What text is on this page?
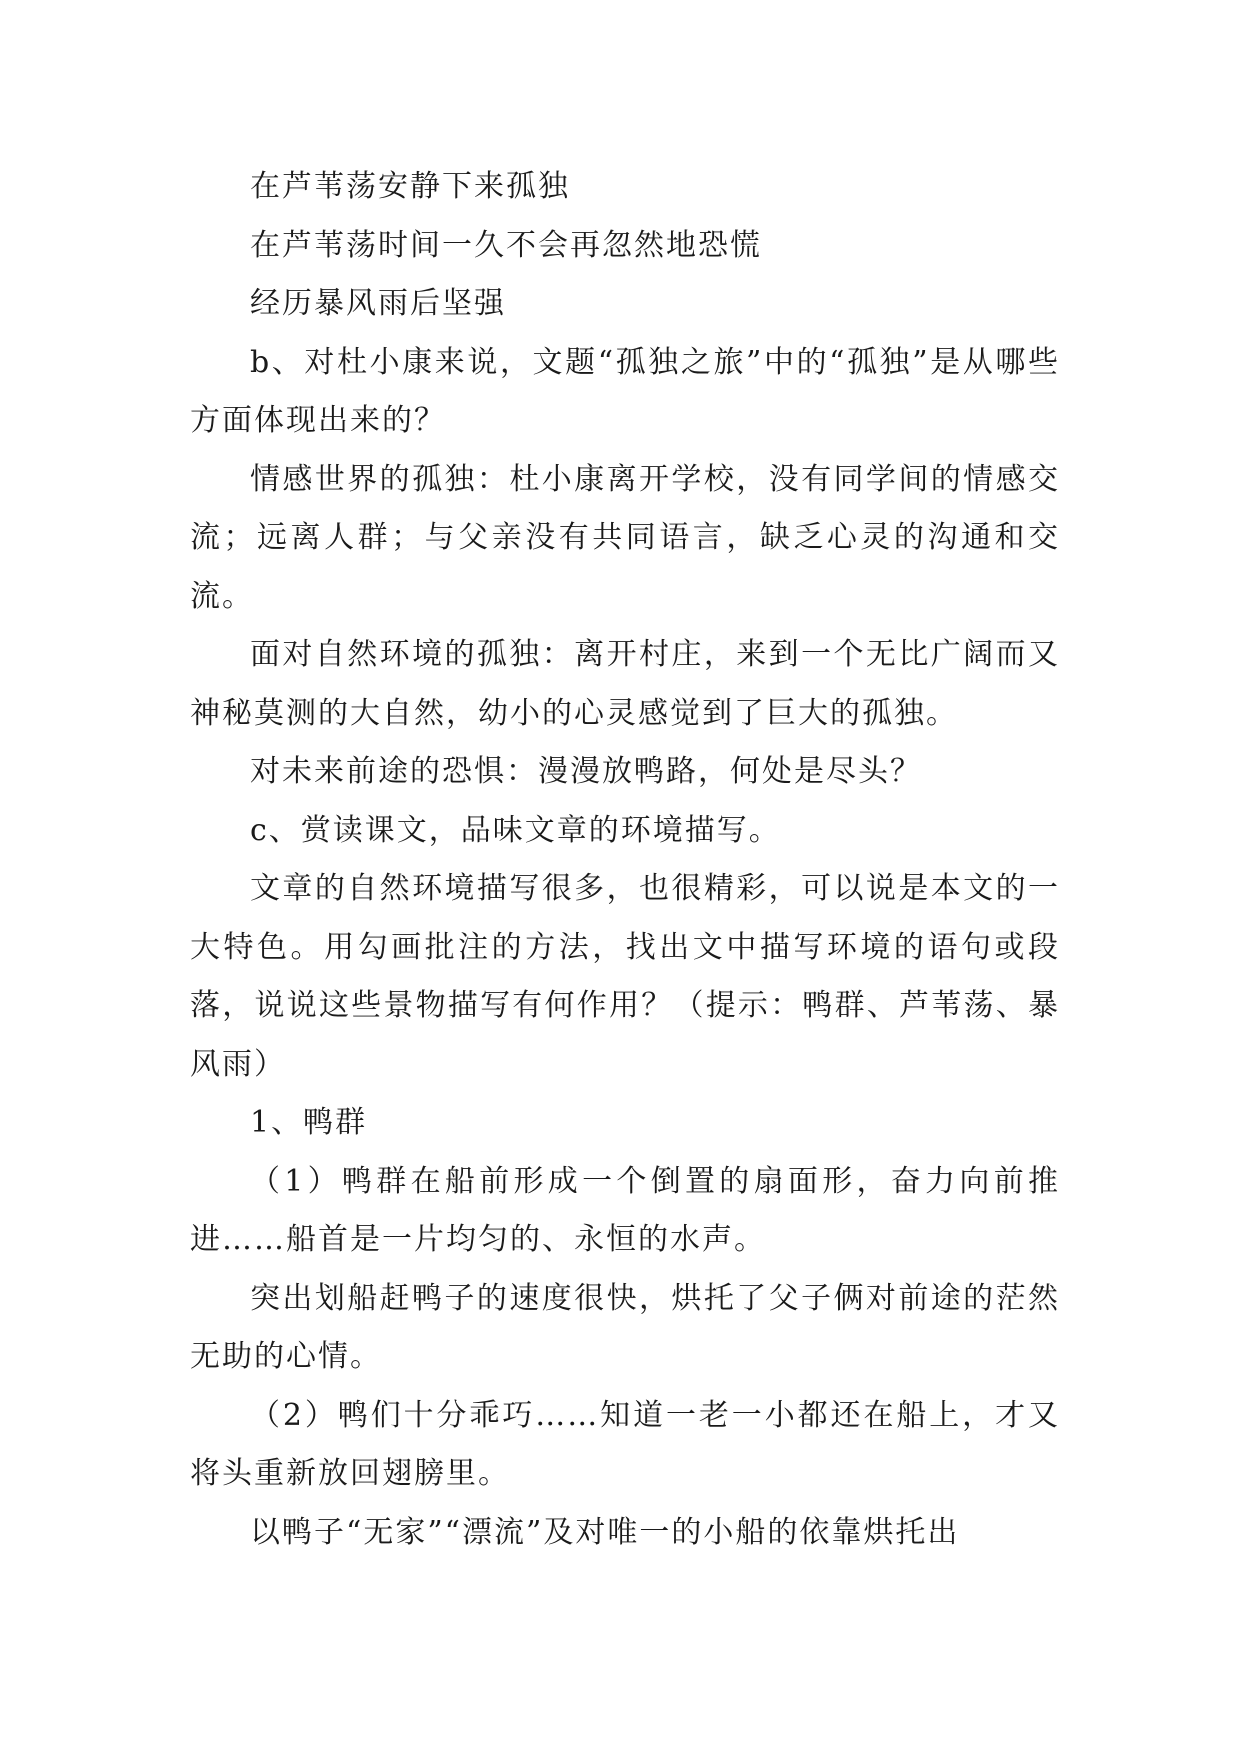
在芦苇荡安静下来孤独

在芦苇荡时间一久不会再忽然地恐慌

经历暴风雨后坚强

b、对杜小康来说，文题“孤独之旅”中的“孤独”是从哪些方面体现出来的？

情感世界的孤独：杜小康离开学校，没有同学间的情感交流；远离人群；与父亲没有共同语言，缺乏心灵的沟通和交流。

面对自然环境的孤独：离开村庄，来到一个无比广阔而又神秘莫测的大自然，幼小的心灵感觉到了巨大的孤独。

对未来前途的恐惧：漫漫放鸭路，何处是尽头？

c、赏读课文，品味文章的环境描写。

文章的自然环境描写很多，也很精彩，可以说是本文的一大特色。用勾画批注的方法，找出文中描写环境的语句或段落，说说这些景物描写有何作用？（提示：鸭群、芦苇荡、暴风雨）

1、鸭群

（1）鸭群在船前形成一个倒置的扇面形，奋力向前推进……船首是一片均匀的、永恒的水声。

突出划船赶鸭子的速度很快，烘托了父子俩对前途的茫然无助的心情。

（2）鸭们十分乖巧……知道一老一小都还在船上，才又将头重新放回翅膀里。

以鸭子“无家”“漂流”及对唯一的小船的依靠烘托出
